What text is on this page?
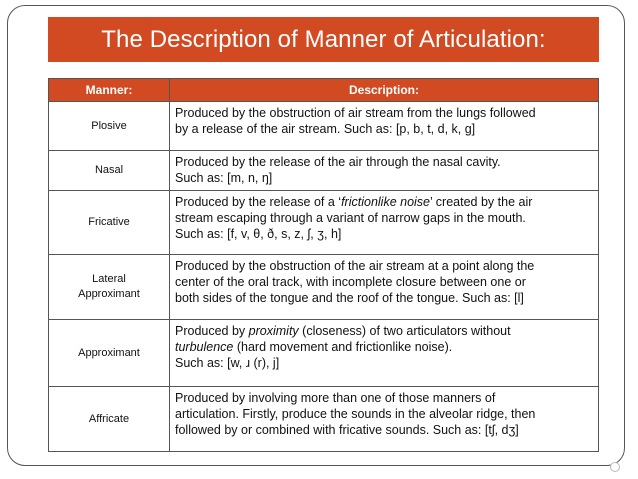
The Description of Manner of Articulation:
Manner:	Description:
Plosive	Produced by the obstruction of air stream from the lungs followed
by a release of the air stream. Such as: [p, b, t, d, k, g]

Nasal	Produced by the release of the air through the nasal cavity.
Such as: [m, n, ŋ]

Fricative	Produced by the release of a ‘frictionlike noise’ created by the air
stream escaping through a variant of narrow gaps in the mouth.
Such as: [f, v, θ, ð, s, z, ʃ, ʒ, h]

Lateral
Approximant	Produced by the obstruction of the air stream at a point along the
center of the oral track, with incomplete closure between one or
both sides of the tongue and the roof of the tongue. Such as: [l]

Approximant	Produced by proximity (closeness) of two articulators without
turbulence (hard movement and frictionlike noise).
Such as: [w, ɹ (r), j]

Affricate	Produced by involving more than one of those manners of
articulation. Firstly, produce the sounds in the alveolar ridge, then
followed by or combined with fricative sounds. Such as: [tʃ, dʒ]
